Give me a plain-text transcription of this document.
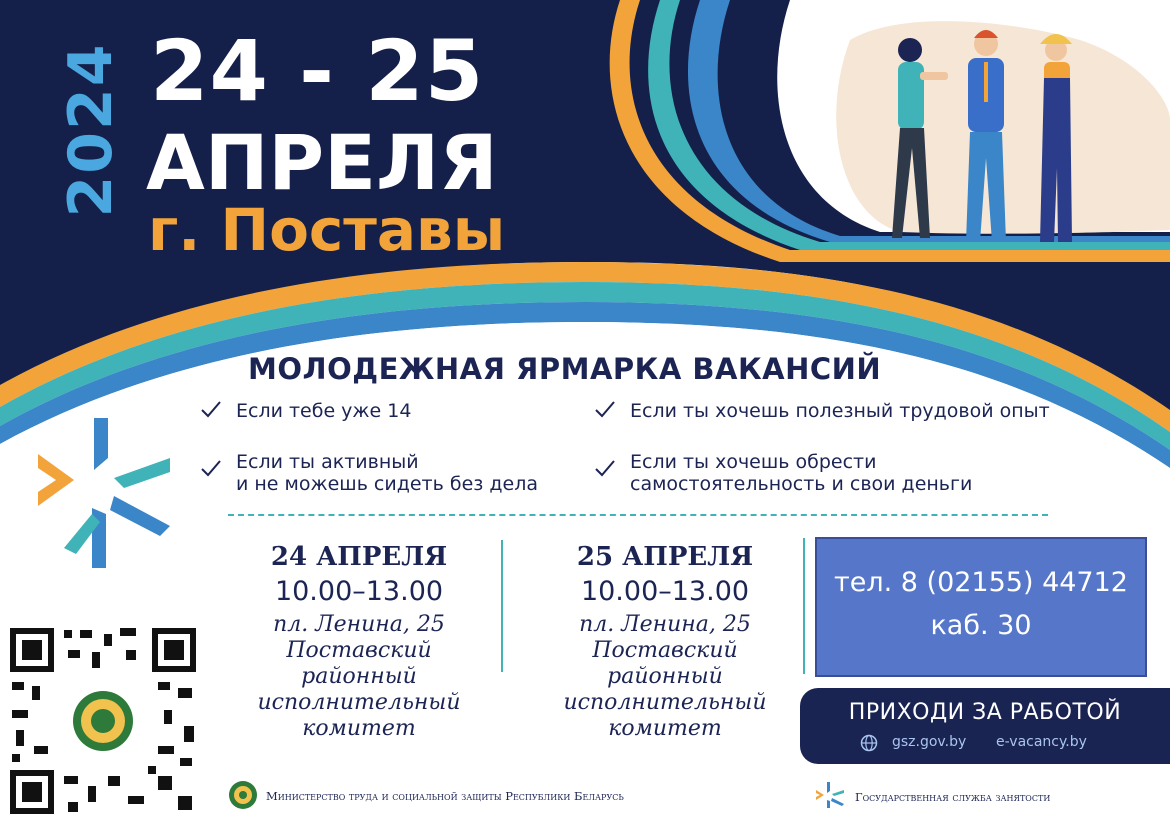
2024 24 - 25
АПРЕЛЯ
г. Поставы
МОЛОДЕЖНАЯ ЯРМАРКА ВАКАНСИЙ
Если тебе уже 14
Если ты активный
и не можешь сидеть без дела
Если ты хочешь полезный трудовой опыт
Если ты хочешь обрести
самостоятельность и свои деньги
24 АПРЕЛЯ
10.00–13.00
пл. Ленина, 25
Поставский
районный
исполнительный
комитет
25 АПРЕЛЯ
10.00–13.00
пл. Ленина, 25
Поставский
районный
исполнительный
комитет
тел. 8 (02155) 44712
каб. 30
ПРИХОДИ ЗА РАБОТОЙ
gsz.gov.by e-vacancy.by
Министерство труда и социальной защиты Республики Беларусь	Государственная служба занятости
